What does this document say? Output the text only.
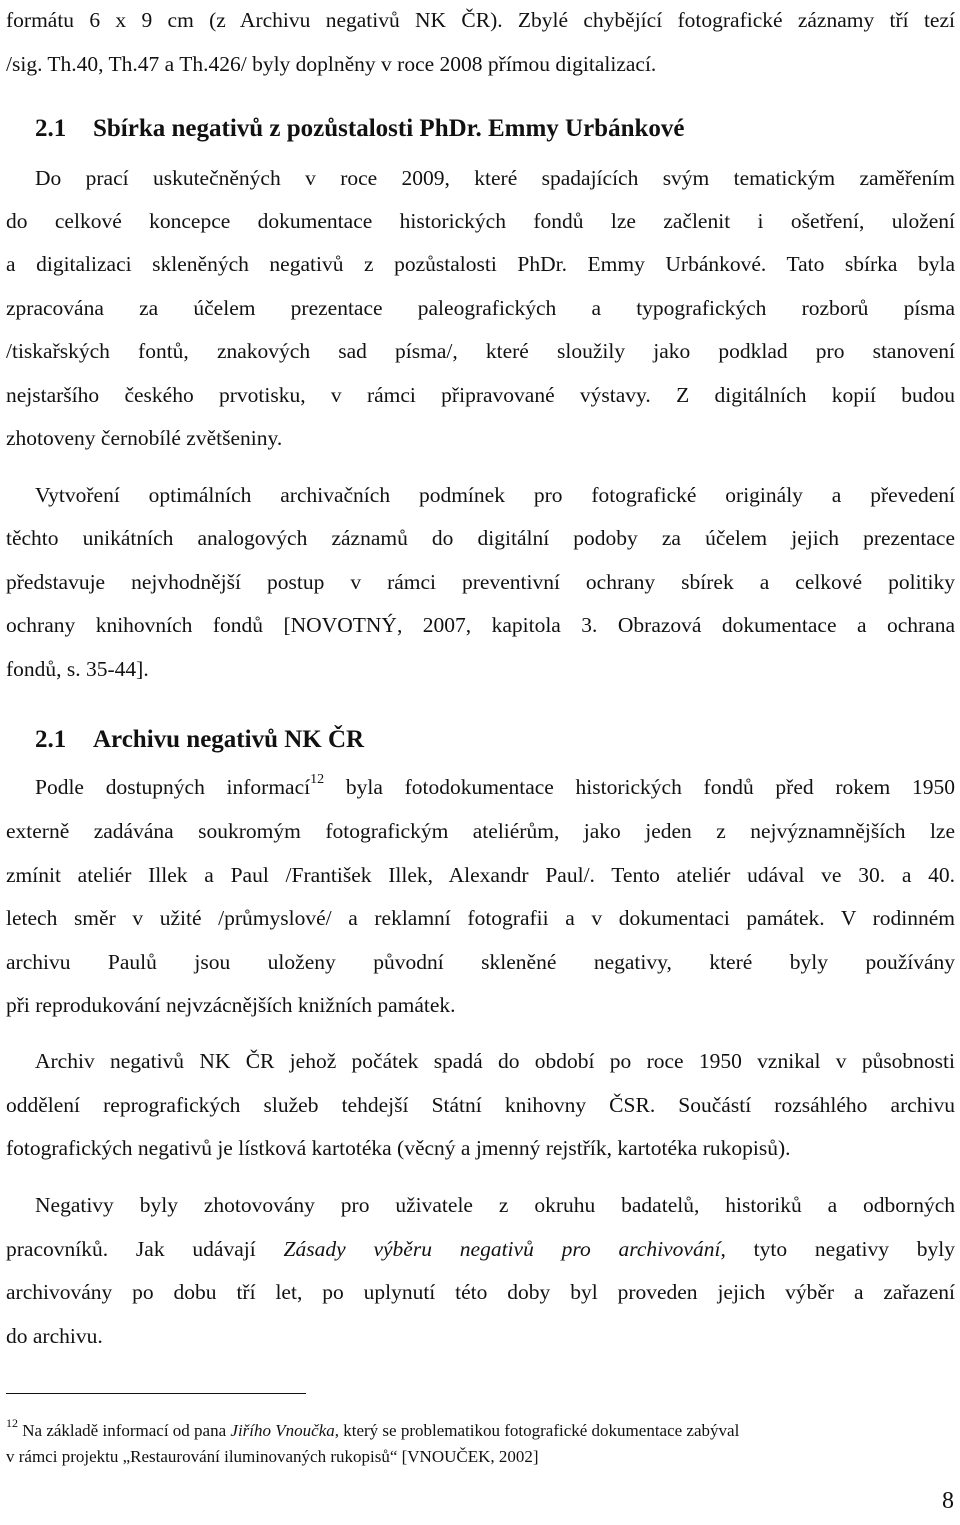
formátu 6 x 9 cm (z Archivu negativů NK ČR). Zbylé chybějící fotografické záznamy tří tezí
/sig. Th.40, Th.47 a Th.426/ byly doplněny v roce 2008 přímou digitalizací.
2.1 Sbírka negativů z pozůstalosti PhDr. Emmy Urbánkové
Do prací uskutečněných v roce 2009, které spadajících svým tematickým zaměřením
do celkové koncepce dokumentace historických fondů lze začlenit i ošetření, uložení
a digitalizaci skleněných negativů z pozůstalosti PhDr. Emmy Urbánkové. Tato sbírka byla
zpracována za účelem prezentace paleografických a typografických rozborů písma
/tiskařských fontů, znakových sad písma/, které sloužily jako podklad pro stanovení
nejstaršího českého prvotisku, v rámci připravované výstavy. Z digitálních kopií budou
zhotoveny černobílé zvětšeniny.
Vytvoření optimálních archivačních podmínek pro fotografické originály a převedení
těchto unikátních analogových záznamů do digitální podoby za účelem jejich prezentace
představuje nejvhodnější postup v rámci preventivní ochrany sbírek a celkové politiky
ochrany knihovních fondů [NOVOTNÝ, 2007, kapitola 3. Obrazová dokumentace a ochrana
fondů, s. 35-44].
2.1 Archivu negativů NK ČR
Podle dostupných informací$^{12}$ byla fotodokumentace historických fondů před rokem 1950
externě zadávána soukromým fotografickým ateliérům, jako jeden z nejvýznamnějších lze
zmínit ateliér Illek a Paul /František Illek, Alexandr Paul/. Tento ateliér udával ve 30. a 40.
letech směr v užité /průmyslové/ a reklamní fotografii a v dokumentaci památek. V rodinném
archivu Paulů jsou uloženy původní skleněné negativy, které byly používány
při reprodukování nejvzácnějších knižních památek.
Archiv negativů NK ČR jehož počátek spadá do období po roce 1950 vznikal v působnosti
oddělení reprografických služeb tehdejší Státní knihovny ČSR. Součástí rozsáhlého archivu
fotografických negativů je lístková kartotéka (věcný a jmenný rejstřík, kartotéka rukopisů).
Negativy byly zhotovovány pro uživatele z okruhu badatelů, historiků a odborných
pracovníků. Jak udávají Zásady výběru negativů pro archivování, tyto negativy byly
archivovány po dobu tří let, po uplynutí této doby byl proveden jejich výběr a zařazení
do archivu.
$^{12}$ Na základě informací od pana Jiřího Vnoučka, který se problematikou fotografické dokumentace zabýval
v rámci projektu „Restaurování iluminovaných rukopisů“ [VNOUČEK, 2002]
8
